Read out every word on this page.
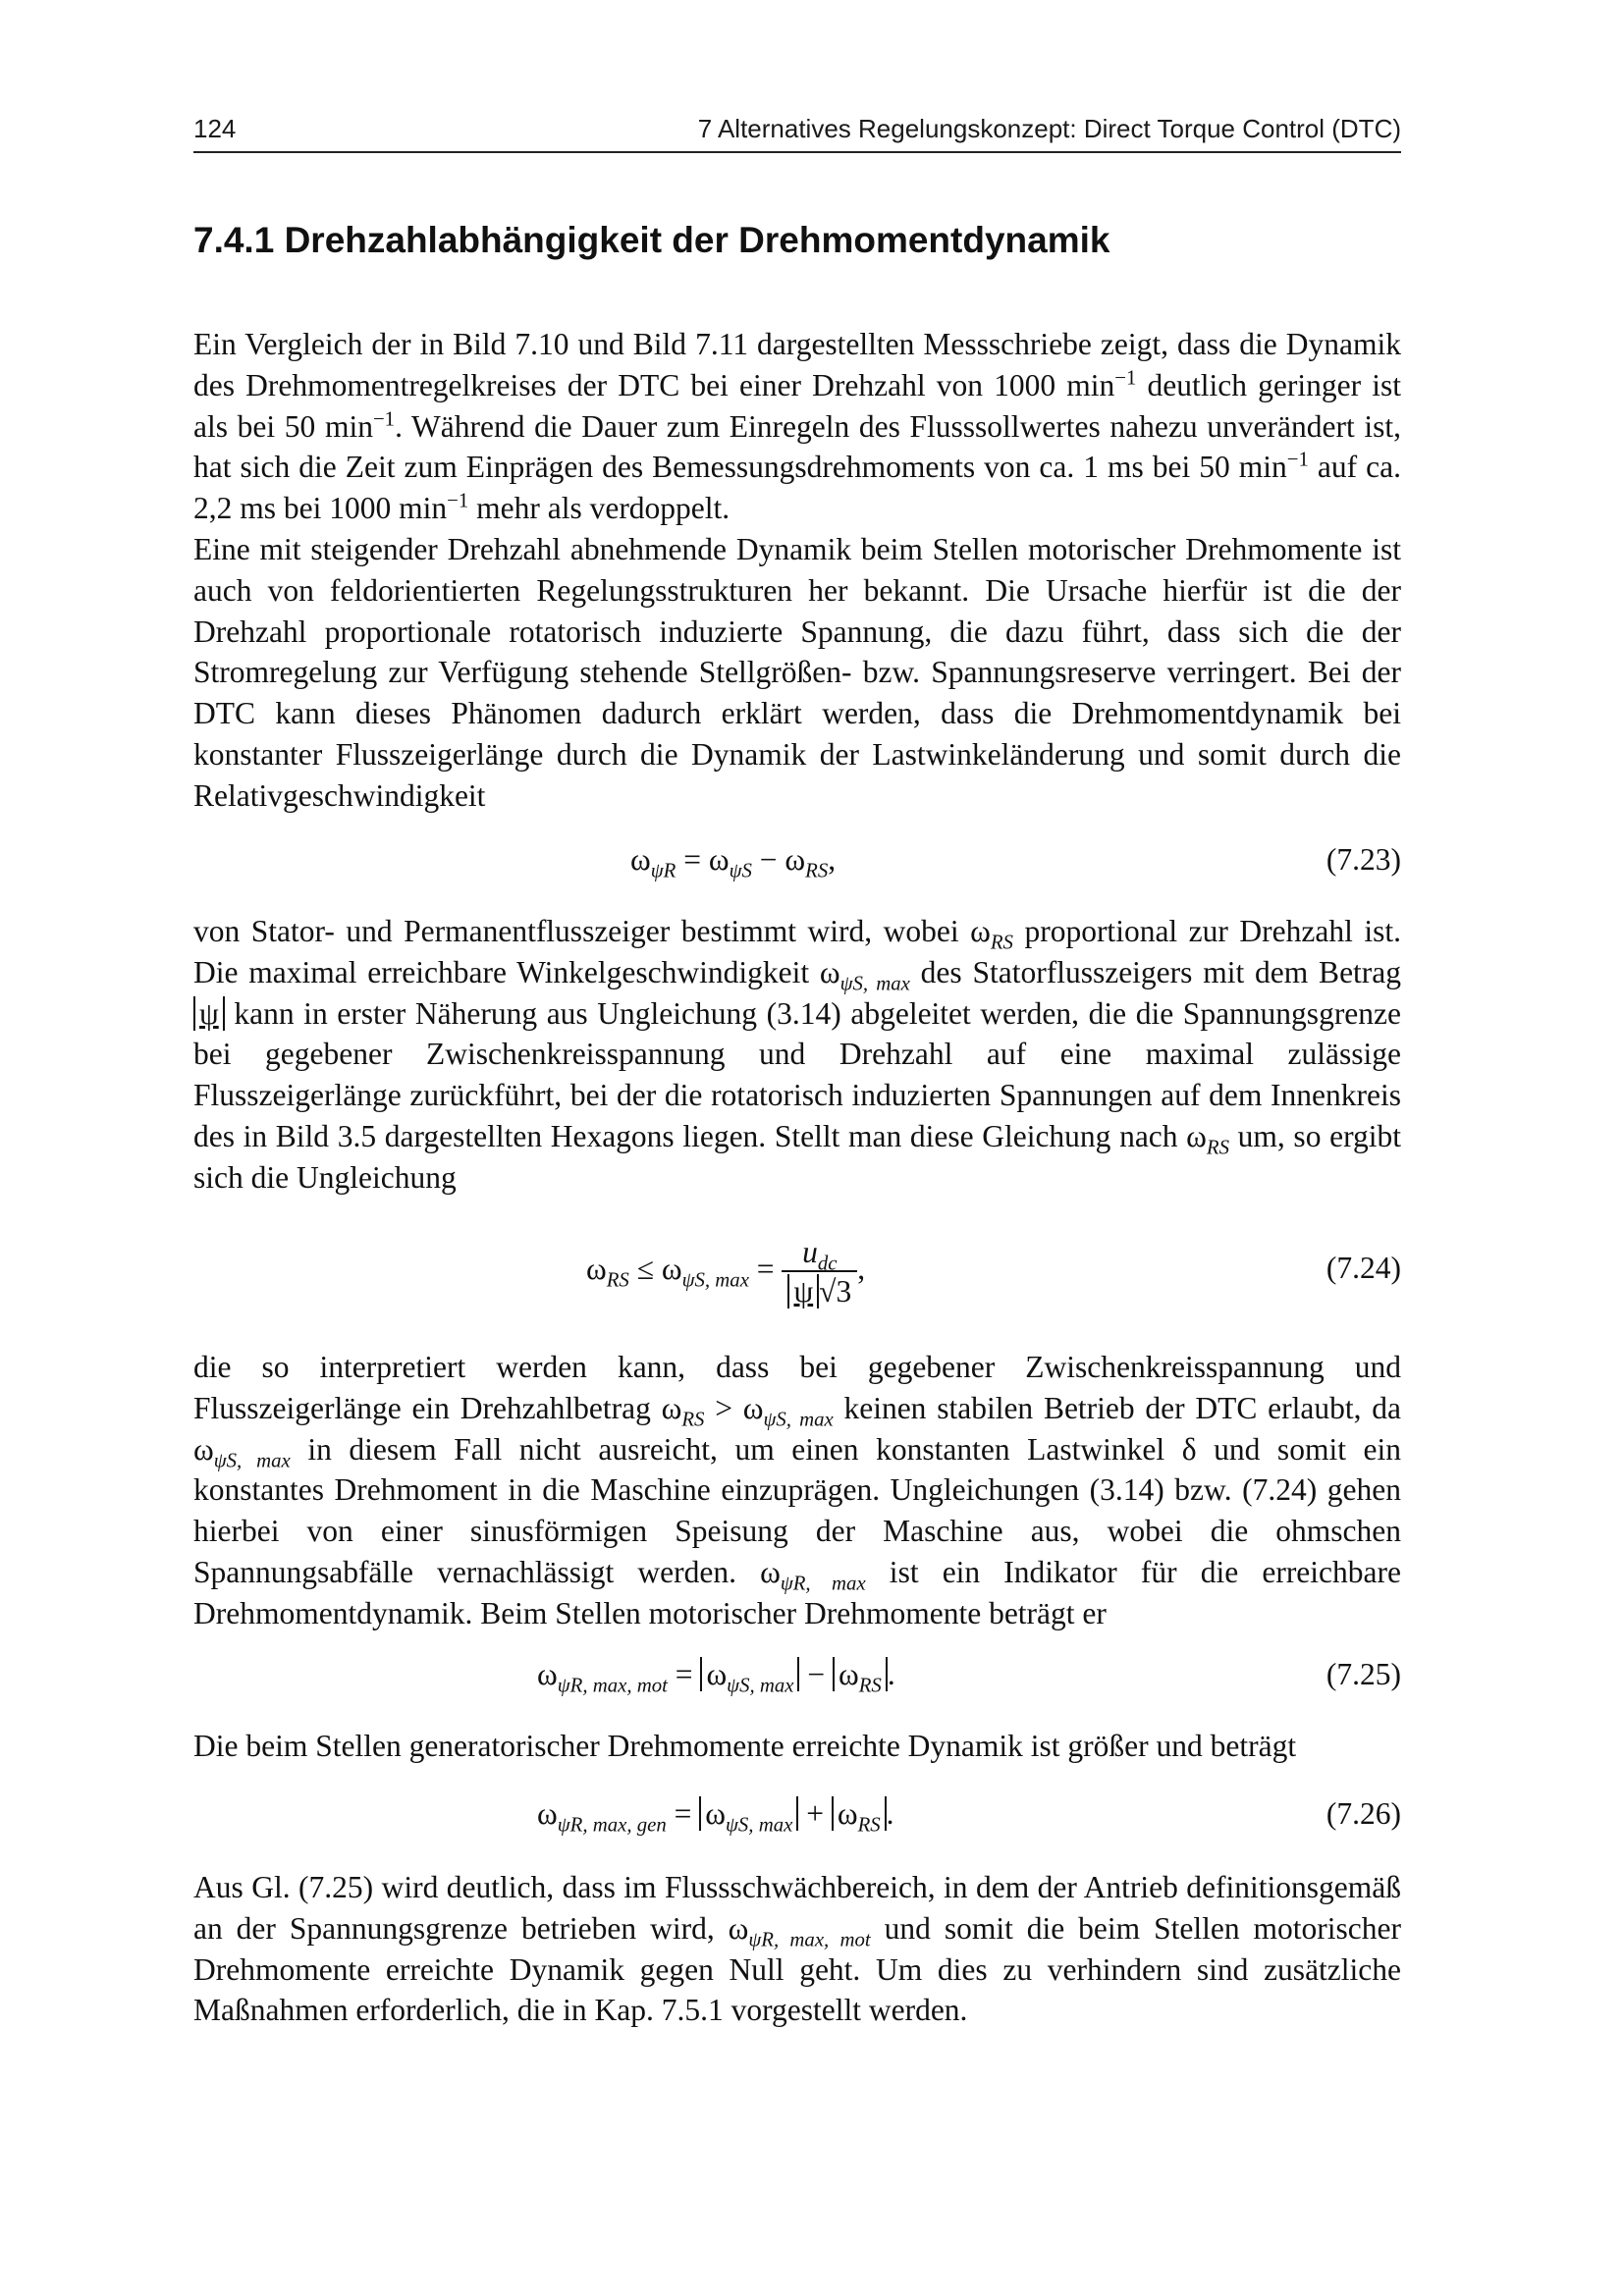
124	7 Alternatives Regelungskonzept: Direct Torque Control (DTC)
7.4.1 Drehzahlabhängigkeit der Drehmomentdynamik

Ein Vergleich der in Bild 7.10 und Bild 7.11 dargestellten Messschriebe zeigt, dass die Dynamik des Drehmomentregelkreises der DTC bei einer Drehzahl von 1000 $\min^{-1}$ deutlich geringer ist als bei 50 $\min^{-1}$. Während die Dauer zum Einregeln des Flusssollwertes nahezu unverändert ist, hat sich die Zeit zum Einprägen des Bemessungsdrehmoments von ca. 1 ms bei 50 $\min^{-1}$ auf ca. 2,2 ms bei 1000 $\min^{-1}$ mehr als verdoppelt.

Eine mit steigender Drehzahl abnehmende Dynamik beim Stellen motorischer Drehmomente ist auch von feldorientierten Regelungsstrukturen her bekannt. Die Ursache hierfür ist die der Drehzahl proportionale rotatorisch induzierte Spannung, die dazu führt, dass sich die der Stromregelung zur Verfügung stehende Stellgrößen- bzw. Spannungsreserve verringert. Bei der DTC kann dieses Phänomen dadurch erklärt werden, dass die Drehmomentdynamik bei konstanter Flusszeigerlänge durch die Dynamik der Lastwinkeländerung und somit durch die Relativgeschwindigkeit

$\omega_{\psi R} = \omega_{\psi S} - \omega_{RS}$,	(7.23)

von Stator- und Permanentflusszeiger bestimmt wird, wobei $\omega_{RS}$ proportional zur Drehzahl ist. Die maximal erreichbare Winkelgeschwindigkeit $\omega_{\psi S, max}$ des Statorflusszeigers mit dem Betrag ψ kann in erster Näherung aus Ungleichung (3.14) abgeleitet werden, die die Spannungsgrenze bei gegebener Zwischenkreisspannung und Drehzahl auf eine maximal zulässige Flusszeigerlänge zurückführt, bei der die rotatorisch induzierten Spannungen auf dem Innenkreis des in Bild 3.5 dargestellten Hexagons liegen. Stellt man diese Gleichung nach $\omega_{RS}$ um, so ergibt sich die Ungleichung

$\omega_{RS} \le \omega_{\psi S, max} = \frac{u_{dc}}{\psi √3}$ ,	(7.24)

die so interpretiert werden kann, dass bei gegebener Zwischenkreisspannung und Flusszeigerlänge ein Drehzahlbetrag $\omega_{RS} > \omega_{\psi S, max}$ keinen stabilen Betrieb der DTC erlaubt, da $\omega_{\psi S, max}$ in diesem Fall nicht ausreicht, um einen konstanten Lastwinkel δ und somit ein konstantes Drehmoment in die Maschine einzuprägen. Ungleichungen (3.14) bzw. (7.24) gehen hierbei von einer sinusförmigen Speisung der Maschine aus, wobei die ohmschen Spannungsabfälle vernachlässigt werden. $\omega_{\psi R, max}$ ist ein Indikator für die erreichbare Drehmomentdynamik. Beim Stellen motorischer Drehmomente beträgt er

$\omega_{\psi R, max, mot} = \omega_{\psi S, max} - \omega_{RS}$ .	(7.25)

Die beim Stellen generatorischer Drehmomente erreichte Dynamik ist größer und beträgt

$\omega_{\psi R, max, gen} = \omega_{\psi S, max} + \omega_{RS}$ .	(7.26)

Aus Gl. (7.25) wird deutlich, dass im Flussschwächbereich, in dem der Antrieb definitionsgemäß an der Spannungsgrenze betrieben wird, $\omega_{\psi R, max, mot}$ und somit die beim Stellen motorischer Drehmomente erreichte Dynamik gegen Null geht. Um dies zu verhindern sind zusätzliche Maßnahmen erforderlich, die in Kap. 7.5.1 vorgestellt werden.
